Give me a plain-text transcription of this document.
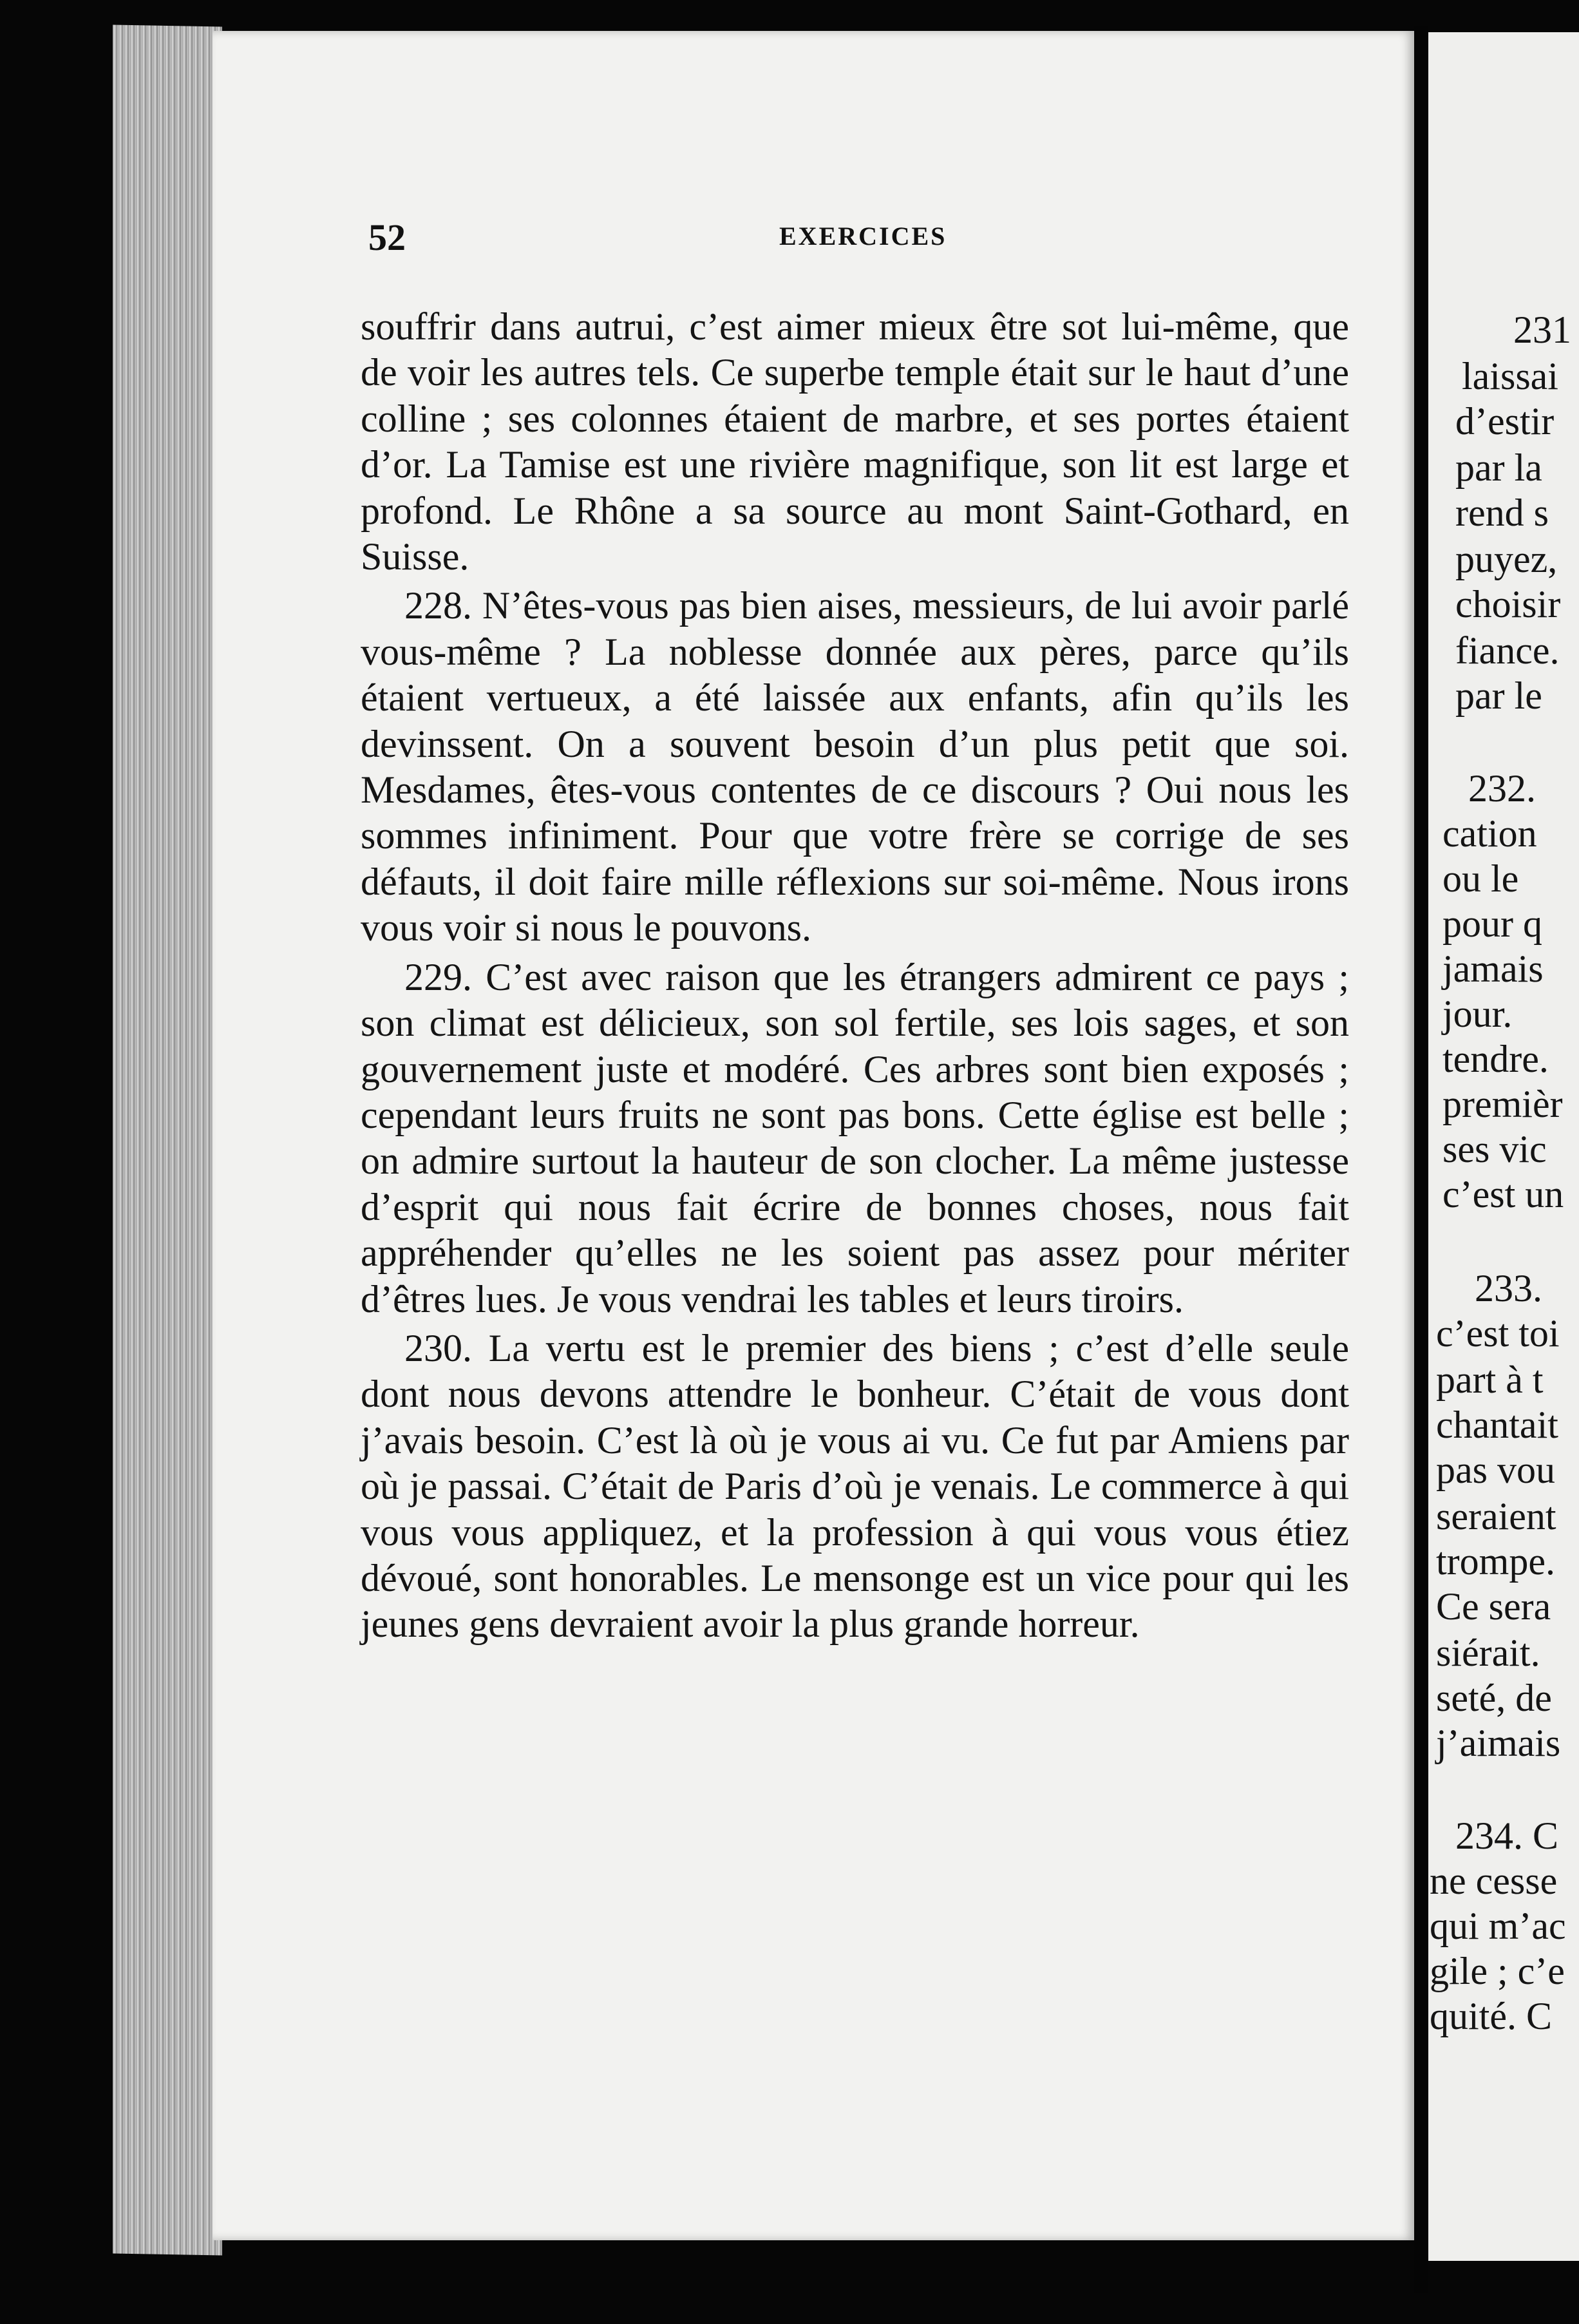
52	EXERCICES

souffrir dans autrui, c’est aimer mieux être sot lui-même, que de voir les autres tels. Ce superbe temple était sur le haut d’une colline ; ses colonnes étaient de marbre, et ses portes étaient d’or. La Tamise est une rivière magnifique, son lit est large et profond. Le Rhône a sa source au mont Saint-Gothard, en Suisse.

228. N’êtes-vous pas bien aises, messieurs, de lui avoir parlé vous-même ? La noblesse donnée aux pères, parce qu’ils étaient vertueux, a été laissée aux enfants, afin qu’ils les devinssent. On a souvent besoin d’un plus petit que soi. Mesdames, êtes-vous contentes de ce discours ? Oui nous les sommes infiniment. Pour que votre frère se corrige de ses défauts, il doit faire mille réflexions sur soi-même. Nous irons vous voir si nous le pouvons.

229. C’est avec raison que les étrangers admirent ce pays ; son climat est délicieux, son sol fertile, ses lois sages, et son gouvernement juste et modéré. Ces arbres sont bien exposés ; cependant leurs fruits ne sont pas bons. Cette église est belle ; on admire surtout la hauteur de son clocher. La même justesse d’esprit qui nous fait écrire de bonnes choses, nous fait appréhender qu’elles ne les soient pas assez pour mériter d’êtres lues. Je vous vendrai les tables et leurs tiroirs.

230. La vertu est le premier des biens ; c’est d’elle seule dont nous devons attendre le bonheur. C’était de vous dont j’avais besoin. C’est là où je vous ai vu. Ce fut par Amiens par où je passai. C’était de Paris d’où je venais. Le commerce à qui vous vous appliquez, et la profession à qui vous vous étiez dévoué, sont honorables. Le mensonge est un vice pour qui les jeunes gens devraient avoir la plus grande horreur.

231
laissai
d’estir
par la
rend s
puyez,
choisir
fiance.
par le
232.
cation
ou le
pour q
jamais
jour.
tendre.
premièr
ses vic
c’est un
233.
c’est toi
part à t
chantait
pas vou
seraient
trompe.
Ce sera
siérait.
seté, de
j’aimais
234. C
ne cesse
qui m’ac
gile ; c’e
quité. C
